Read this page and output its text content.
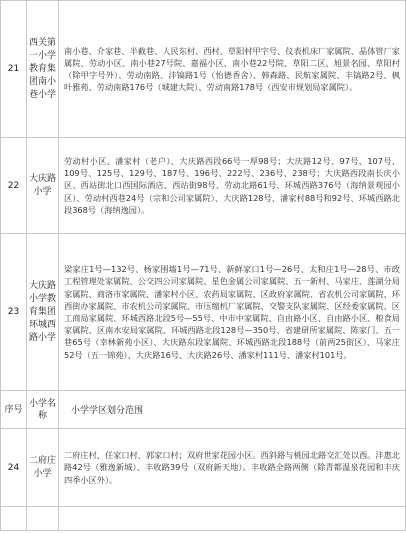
21	西关第一小学教育集团南小巷小学	南小巷、介家巷、半截巷、人民东村、西村、草阳村甲字号、仪表机床厂家属院、晶体管厂家属院、劳动小区、南小巷27号院、嘉福小区、南小巷22号院、草阳二区、旭景名园、草阳村（除甲字号外）、劳动南路、沣镐路1号（怡德香舍）、韩森路、民航家属院、丰镐路2号、枫叶雅苑、劳动南路176号（城建大院）、劳动南路178号（西安市规划局家属院）。
22	大庆路小学	劳动村小区、潘家村（老户）、大庆路西段66号一厚98号；大庆路12号、97号、107号、109号、125号、129号、187号、196号、222号、236号、238号；大庆路西段南长庆小区、西站街北口西国际酒店、西站街98号、劳动北路61号、环城西路376号（海纳景观园小区）、劳动村西巷24号（宗和公司家属院）、大庆路128号、潘家村88号和92号、环城西路北段368号（海纳逸园）。
23	大庆路小学教育集团环城西路小学	梁家庄1号—132号、杨家围墙1号—71号、新鲜家口1号—26号、太和庄1号—28号、市政工程管理处家属院、公交四公司家属院、星色金属公司家属院、五一新村、马家庄、莲湖分局家属院、商洛市家属院、潘家村小区、农药局家属院、区政府家属院、省农机公司家属院、环西街办家属院、市农机公司家属院、市压缩机厂家属院、交警支队家属院、区经委家属院、区工商局家属院、环城西路北段5号—55号、中市中家属院、自由路小区、自由路小区、粮食局家属院、区南水安局家属院、环城西路北段128号—350号、省建研所家属院、陈家门、五一巷65号（幸林新苑小区）、大庆路东段家属院、环城西路北段188号（前两25街区）、马家庄52号（五一锦苑）、大庆路16号、大庆路26号、潘家村111号、潘家村101号。
序号	小学名称	小学学区划分范围
24	二府庄小学	二府庄村、任家口村、郭家口村；双府世家花园小区。西斜路与桃园北路交汇处以西。沣惠北路42号（雅逸新城）、丰收路39号（双府新天地）。丰收路全路两侧（除青都温泉花园和丰庆四季小区外）。
